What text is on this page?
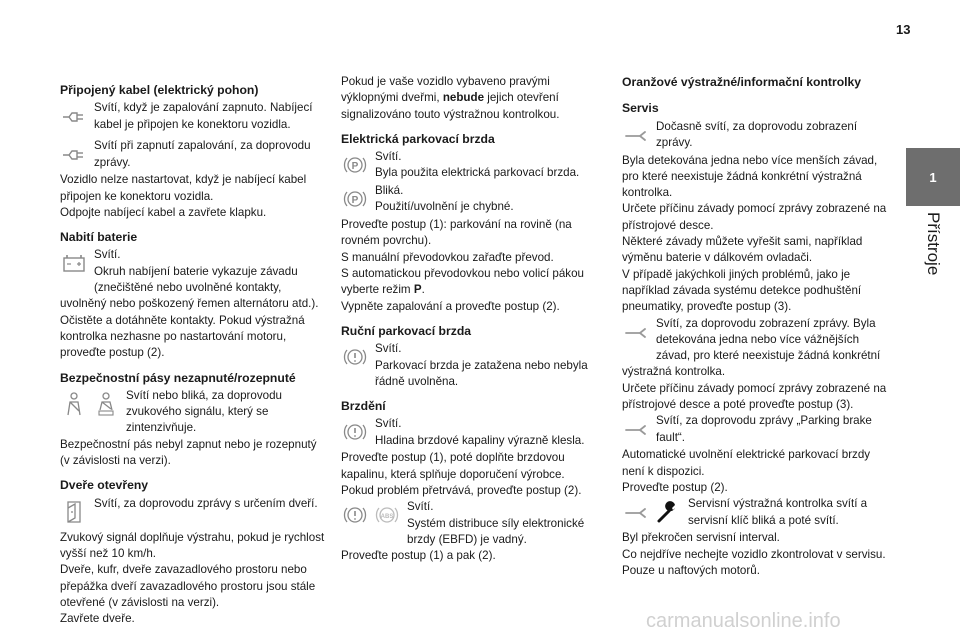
13
1
Přístroje
Připojený kabel (elektrický pohon)

Svítí, když je zapalování zapnuto. Nabíjecí kabel je připojen ke konektoru vozidla.

Svítí při zapnutí zapalování, za doprovodu zprávy.

Vozidlo nelze nastartovat, když je nabíjecí kabel připojen ke konektoru vozidla.

Odpojte nabíjecí kabel a zavřete klapku.

Nabití baterie

Svítí.

Okruh nabíjení baterie vykazuje závadu (znečištěné nebo uvolněné kontakty, uvolněný nebo poškozený řemen alternátoru atd.).

Očistěte a dotáhněte kontakty. Pokud výstražná kontrolka nezhasne po nastartování motoru, proveďte postup (2).

Bezpečnostní pásy nezapnuté/rozepnuté

Svítí nebo bliká, za doprovodu zvukového signálu, který se zintenzivňuje.

Bezpečnostní pás nebyl zapnut nebo je rozepnutý (v závislosti na verzi).

Dveře otevřeny

Svítí, za doprovodu zprávy s určením dveří.

Zvukový signál doplňuje výstrahu, pokud je rychlost vyšší než 10 km/h.

Dveře, kufr, dveře zavazadlového prostoru nebo přepážka dveří zavazadlového prostoru jsou stále otevřené (v závislosti na verzi).

Zavřete dveře.

Pokud je vaše vozidlo vybaveno pravými výklopnými dveřmi, nebude jejich otevření signalizováno touto výstražnou kontrolkou.

Elektrická parkovací brzda
P

Svítí.

Byla použita elektrická parkovací brzda.

P

Bliká.

Použití/uvolnění je chybné.

Proveďte postup (1): parkování na rovině (na rovném povrchu).

S manuální převodovkou zařaďte převod.

S automatickou převodovkou nebo volicí pákou vyberte režim P.

Vypněte zapalování a proveďte postup (2).

Ruční parkovací brzda

Svítí.

Parkovací brzda je zatažena nebo nebyla řádně uvolněna.

Brzdění

Svítí.

Hladina brzdové kapaliny výrazně klesla.

Proveďte postup (1), poté doplňte brzdovou kapalinu, která splňuje doporučení výrobce.

Pokud problém přetrvává, proveďte postup (2).

ABS

Svítí.

Systém distribuce síly elektronické brzdy (EBFD) je vadný.

Proveďte postup (1) a pak (2).

Oranžové výstražné/informační kontrolky
Servis

Dočasně svítí, za doprovodu zobrazení zprávy.

Byla detekována jedna nebo více menších závad, pro které neexistuje žádná konkrétní výstražná kontrolka.

Určete příčinu závady pomocí zprávy zobrazené na přístrojové desce.

Některé závady můžete vyřešit sami, například výměnu baterie v dálkovém ovladači.

V případě jakýchkoli jiných problémů, jako je například závada systému detekce podhuštění pneumatiky, proveďte postup (3).

Svítí, za doprovodu zobrazení zprávy. Byla detekována jedna nebo více vážnějších závad, pro které neexistuje žádná konkrétní výstražná kontrolka.

Určete příčinu závady pomocí zprávy zobrazené na přístrojové desce a poté proveďte postup (3).

Svítí, za doprovodu zprávy „Parking brake fault“.

Automatické uvolnění elektrické parkovací brzdy není k dispozici.

Proveďte postup (2).

Servisní výstražná kontrolka svítí a servisní klíč bliká a poté svítí.

Byl překročen servisní interval.

Co nejdříve nechejte vozidlo zkontrolovat v servisu.

Pouze u naftových motorů.

carmanualsonline.info
